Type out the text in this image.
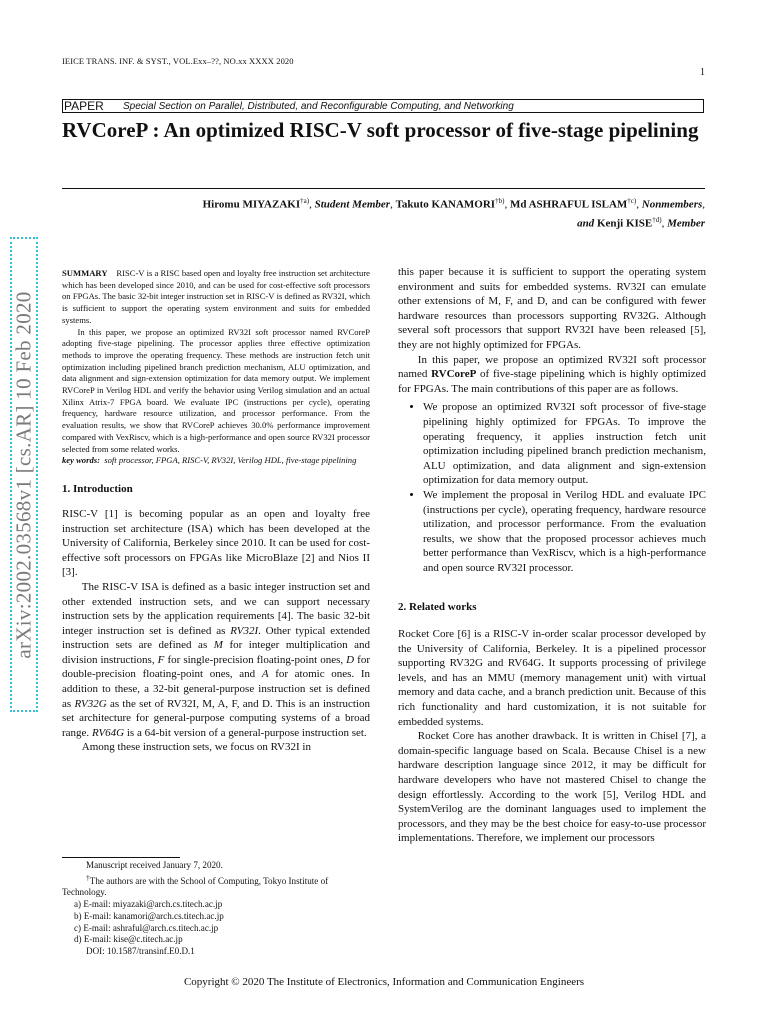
IEICE TRANS. INF. & SYST., VOL.Exx–??, NO.xx XXXX 2020
1
PAPER Special Section on Parallel, Distributed, and Reconfigurable Computing, and Networking
RVCoreP : An optimized RISC-V soft processor of five-stage pipelining
Hiromu MIYAZAKI$^{\dagger a)}$, Student Member, Takuto KANAMORI$^{\dagger b)}$, Md ASHRAFUL ISLAM$^{\dagger c)}$, Nonmembers,
and Kenji KISE$^{\dagger d)}$, Member
arXiv:2002.03568v1 [cs.AR] 10 Feb 2020

SUMMARY RISC-V is a RISC based open and loyalty free instruction set architecture which has been developed since 2010, and can be used for cost-effective soft processors on FPGAs. The basic 32-bit integer instruction set in RISC-V is defined as RV32I, which is sufficient to support the operating system environment and suits for embedded systems.

In this paper, we propose an optimized RV32I soft processor named RVCoreP adopting five-stage pipelining. The processor applies three effective optimization methods to improve the operating frequency. These methods are instruction fetch unit optimization including pipelined branch prediction mechanism, ALU optimization, and data alignment and sign-extension optimization for data memory output. We implement RVCoreP in Verilog HDL and verify the behavior using Verilog simulation and an actual Xilinx Atrix-7 FPGA board. We evaluate IPC (instructions per cycle), operating frequency, hardware resource utilization, and processor performance. From the evaluation results, we show that RVCoreP achieves 30.0% performance improvement compared with VexRiscv, which is a high-performance and open source RV32I processor selected from some related works.

key words: soft processor, FPGA, RISC-V, RV32I, Verilog HDL, five-stage pipelining

1. Introduction

RISC-V [1] is becoming popular as an open and loyalty free instruction set architecture (ISA) which has been developed at the University of California, Berkeley since 2010. It can be used for cost-effective soft processors on FPGAs like MicroBlaze [2] and Nios II [3].

The RISC-V ISA is defined as a basic integer instruction set and other extended instruction sets, and we can support necessary instruction sets by the application requirements [4]. The basic 32-bit integer instruction set is defined as RV32I. Other typical extended instruction sets are defined as M for integer multiplication and division instructions, F for single-precision floating-point ones, D for double-precision floating-point ones, and A for atomic ones. In addition to these, a 32-bit general-purpose instruction set is defined as RV32G as the set of RV32I, M, A, F, and D. This is an instruction set architecture for general-purpose computing systems of a broad range. RV64G is a 64-bit version of a general-purpose instruction set.

Among these instruction sets, we focus on RV32I in

Manuscript received January 7, 2020.
†The authors are with the School of Computing, Tokyo Institute of Technology.
a) E-mail: miyazaki@arch.cs.titech.ac.jp
b) E-mail: kanamori@arch.cs.titech.ac.jp
c) E-mail: ashraful@arch.cs.titech.ac.jp
d) E-mail: kise@c.titech.ac.jp
DOI: 10.1587/transinf.E0.D.1

this paper because it is sufficient to support the operating system environment and suits for embedded systems. RV32I can emulate other extensions of M, F, and D, and can be configured with fewer hardware resources than processors supporting RV32G. Although several soft processors that support RV32I have been released [5], they are not highly optimized for FPGAs.

In this paper, we propose an optimized RV32I soft processor named RVCoreP of five-stage pipelining which is highly optimized for FPGAs. The main contributions of this paper are as follows.

• We propose an optimized RV32I soft processor of five-stage pipelining highly optimized for FPGAs. To improve the operating frequency, it applies instruction fetch unit optimization including pipelined branch prediction mechanism, ALU optimization, and data alignment and sign-extension optimization for data memory output.
• We implement the proposal in Verilog HDL and evaluate IPC (instructions per cycle), operating frequency, hardware resource utilization, and processor performance. From the evaluation results, we show that the proposed processor achieves much better performance than VexRiscv, which is a high-performance and open source RV32I processor.
2. Related works

Rocket Core [6] is a RISC-V in-order scalar processor developed by the University of California, Berkeley. It is a pipelined processor supporting RV32G and RV64G. It supports processing of privilege levels, and has an MMU (memory management unit) with virtual memory and data cache, and a branch prediction unit. Because of this rich functionality and hard customization, it is not suitable for embedded systems.

Rocket Core has another drawback. It is written in Chisel [7], a domain-specific language based on Scala. Because Chisel is a new hardware description language since 2012, it may be difficult for hardware developers who have not mastered Chisel to change the design effortlessly. According to the work [5], Verilog HDL and SystemVerilog are the dominant languages used to implement the processors, and they may be the best choice for easy-to-use processor implementations. Therefore, we implement our processors

Copyright © 2020 The Institute of Electronics, Information and Communication Engineers
